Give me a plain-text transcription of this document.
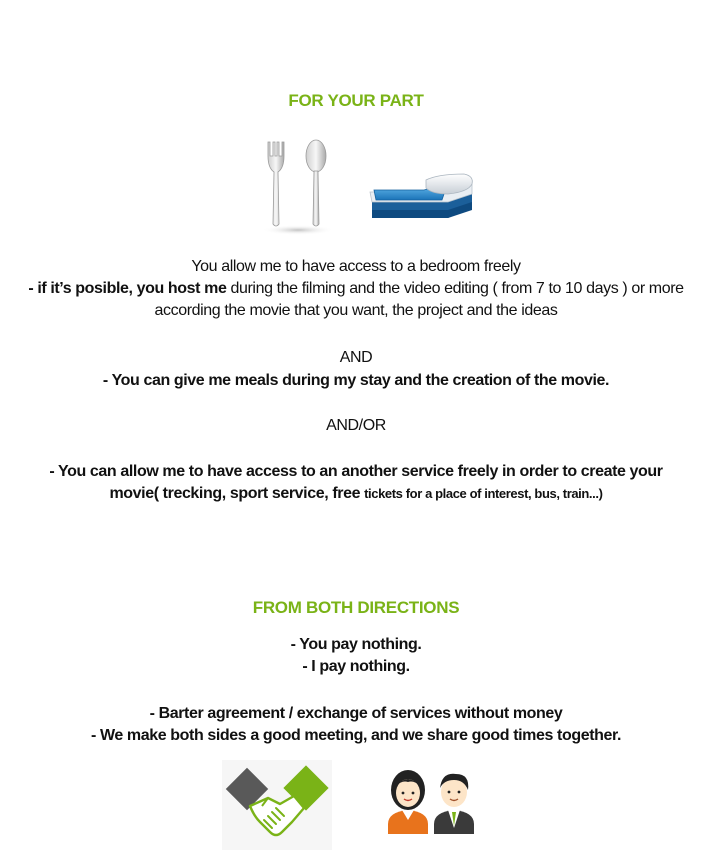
FOR YOUR PART
You allow me to have access to a bedroom freely
- if it’s posible, you host me during the filming and the video editing ( from 7 to 10 days ) or more according the movie that you want, the project and the ideas
AND
- You can give me meals during my stay and the creation of the movie.
AND/OR
- You can allow me to have access to an another service freely in order to create your movie( trecking, sport service, free tickets for a place of interest, bus, train...)
FROM BOTH DIRECTIONS
- You pay nothing.
- I pay nothing.
- Barter agreement / exchange of services without money
- We make both sides a good meeting, and we share good times together.
